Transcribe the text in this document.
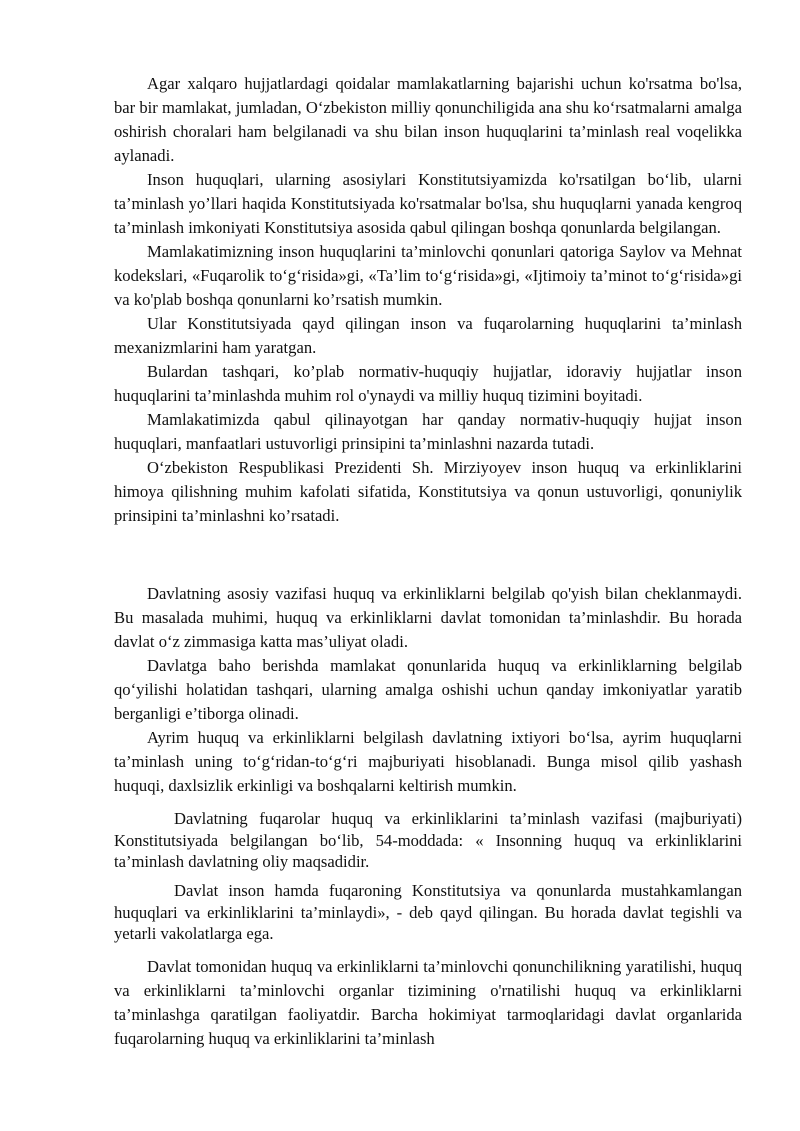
Agar xalqaro hujjatlardagi qoidalar mamlakatlarning bajarishi uchun ko'rsatma bo'lsa, bar bir mamlakat, jumladan, O‘zbekiston milliy qonunchiligida ana shu ko‘rsatmalarni amalga oshirish choralari ham belgilanadi va shu bilan inson huquqlarini ta’minlash real voqelikka aylanadi.

Inson huquqlari, ularning asosiylari Konstitutsiyamizda ko'rsatilgan bo‘lib, ularni ta’minlash yo’llari haqida Konstitutsiyada ko'rsatmalar bo'lsa, shu huquqlarni yanada kengroq ta’minlash imkoniyati Konstitutsiya asosida qabul qilingan boshqa qonunlarda belgilangan.

Mamlakatimizning inson huquqlarini ta’minlovchi qonunlari qatoriga Saylov va Mehnat kodekslari, «Fuqarolik to‘g‘risida»gi, «Ta’lim to‘g‘risida»gi, «Ijtimoiy ta’minot to‘g‘risida»gi va ko'plab boshqa qonunlarni ko’rsatish mumkin.

Ular Konstitutsiyada qayd qilingan inson va fuqarolarning huquqlarini ta’minlash mexanizmlarini ham yaratgan.

Bulardan tashqari, ko’plab normativ-huquqiy hujjatlar, idoraviy hujjatlar inson huquqlarini ta’minlashda muhim rol o'ynaydi va milliy huquq tizimini boyitadi.

Mamlakatimizda qabul qilinayotgan har qanday normativ-huquqiy hujjat inson huquqlari, manfaatlari ustuvorligi prinsipini ta’minlashni nazarda tutadi.

O‘zbekiston Respublikasi Prezidenti Sh. Mirziyoyev inson huquq va erkinliklarini himoya qilishning muhim kafolati sifatida, Konstitutsiya va qonun ustuvorligi, qonuniylik prinsipini ta’minlashni ko’rsatadi.

Davlatning asosiy vazifasi huquq va erkinliklarni belgilab qo'yish bilan cheklanmaydi. Bu masalada muhimi, huquq va erkinliklarni davlat tomonidan ta’minlashdir. Bu horada davlat o‘z zimmasiga katta mas’uliyat oladi.

Davlatga baho berishda mamlakat qonunlarida huquq va erkinliklarning belgilab qo‘yilishi holatidan tashqari, ularning amalga oshishi uchun qanday imkoniyatlar yaratib berganligi e’tiborga olinadi.

Ayrim huquq va erkinliklarni belgilash davlatning ixtiyori bo‘lsa, ayrim huquqlarni ta’minlash uning to‘g‘ridan-to‘g‘ri majburiyati hisoblanadi. Bunga misol qilib yashash huquqi, daxlsizlik erkinligi va boshqalarni keltirish mumkin.

Davlatning fuqarolar huquq va erkinliklarini ta’minlash vazifasi (majburiyati) Konstitutsiyada belgilangan bo‘lib, 54-moddada: « Insonning huquq va erkinliklarini ta’minlash davlatning oliy maqsadidir.

Davlat inson hamda fuqaroning Konstitutsiya va qonunlarda mustahkamlangan huquqlari va erkinliklarini ta’minlaydi», - deb qayd qilingan. Bu horada davlat tegishli va yetarli vakolatlarga ega.

Davlat tomonidan huquq va erkinliklarni ta’minlovchi qonunchilikning yaratilishi, huquq va erkinliklarni ta’minlovchi organlar tizimining o'rnatilishi huquq va erkinliklarni ta’minlashga qaratilgan faoliyatdir. Barcha hokimiyat tarmoqlaridagi davlat organlarida fuqarolarning huquq va erkinliklarini ta’minlash
